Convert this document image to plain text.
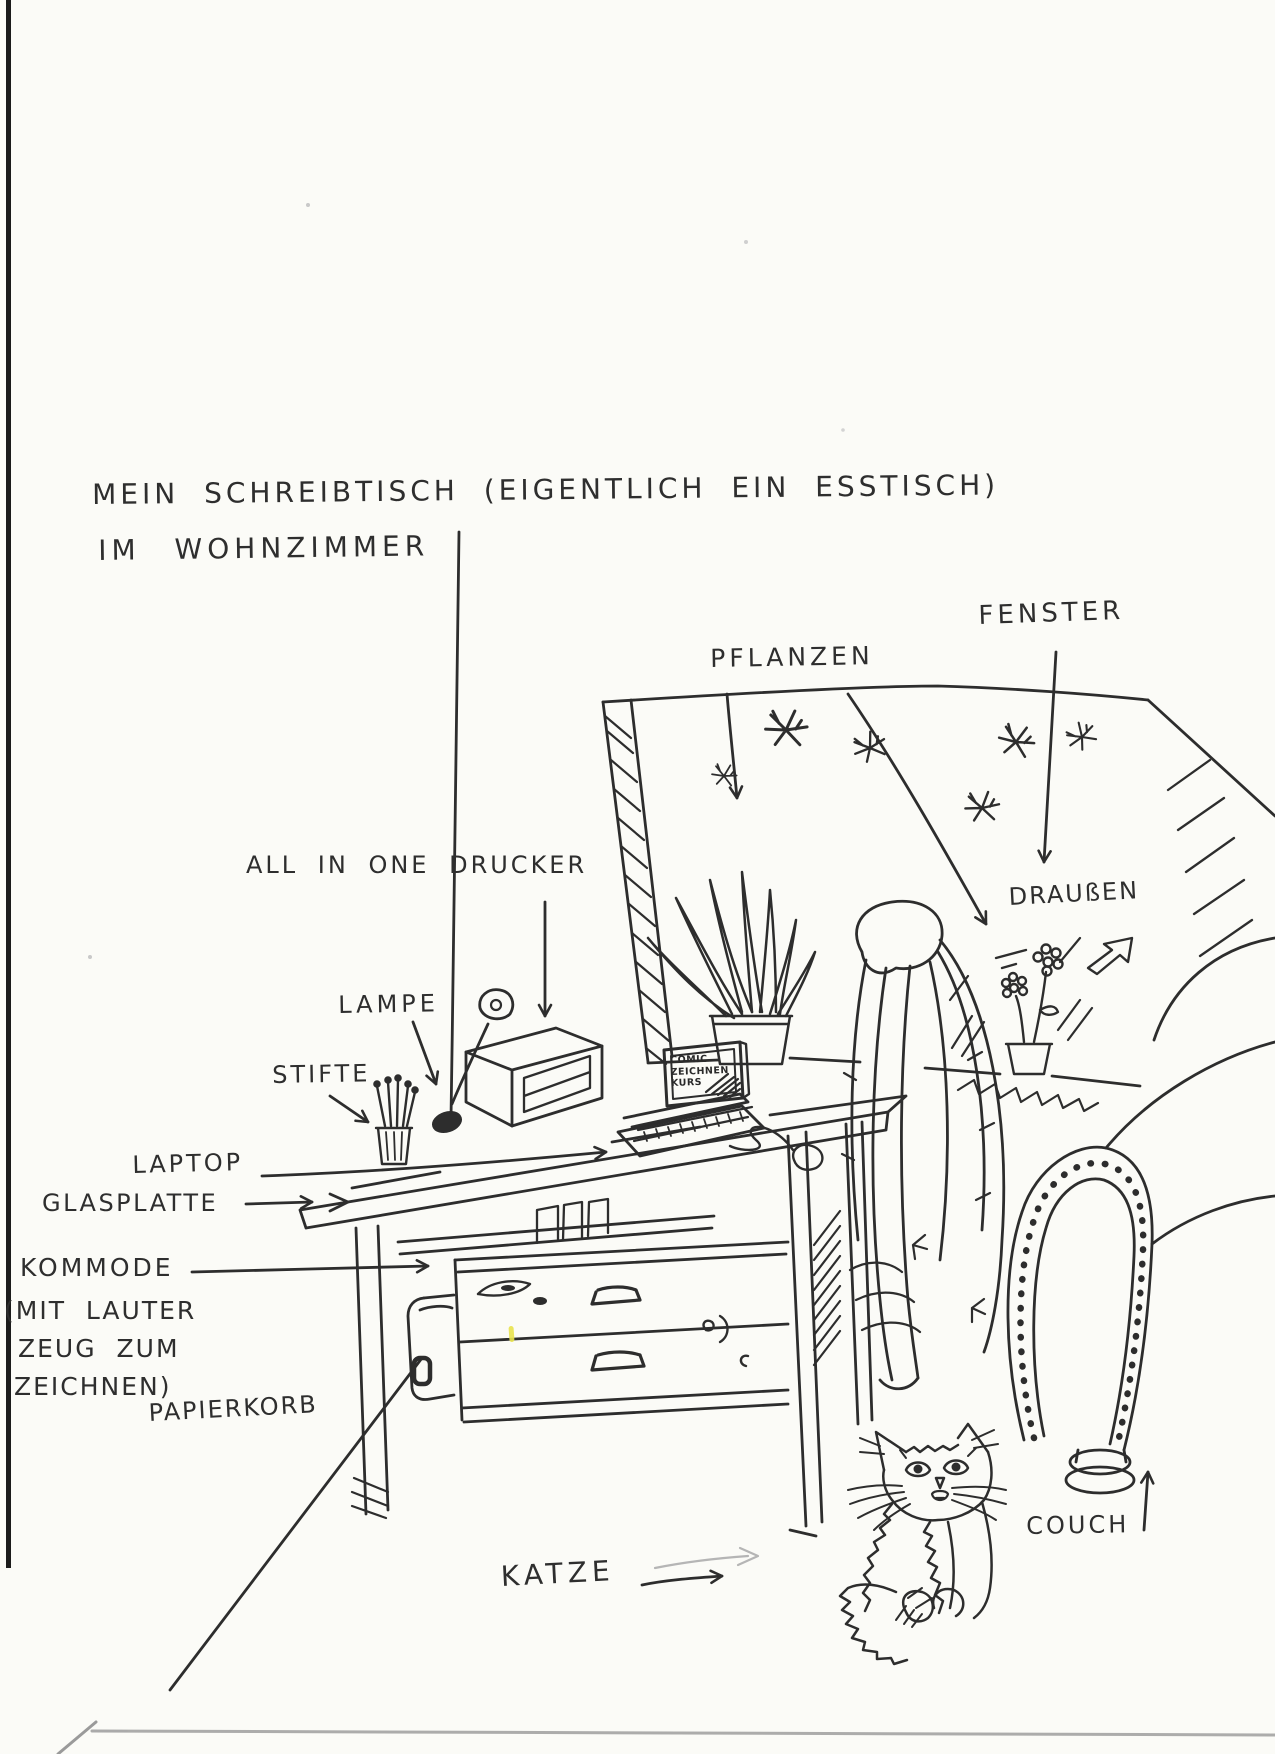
MEIN SCHREIBTISCH (EIGENTLICH EIN ESSTISCH)
IM WOHNZIMMER
FENSTER
PFLANZEN
DRAUßEN
ALL IN ONE DRUCKER
LAMPE
STIFTE
LAPTOP
GLASPLATTE
KOMMODE
(MIT LAUTER
ZEUG ZUM
ZEICHNEN)
PAPIERKORB
KATZE
COUCH
COMIC
ZEICHNEN
KURS
